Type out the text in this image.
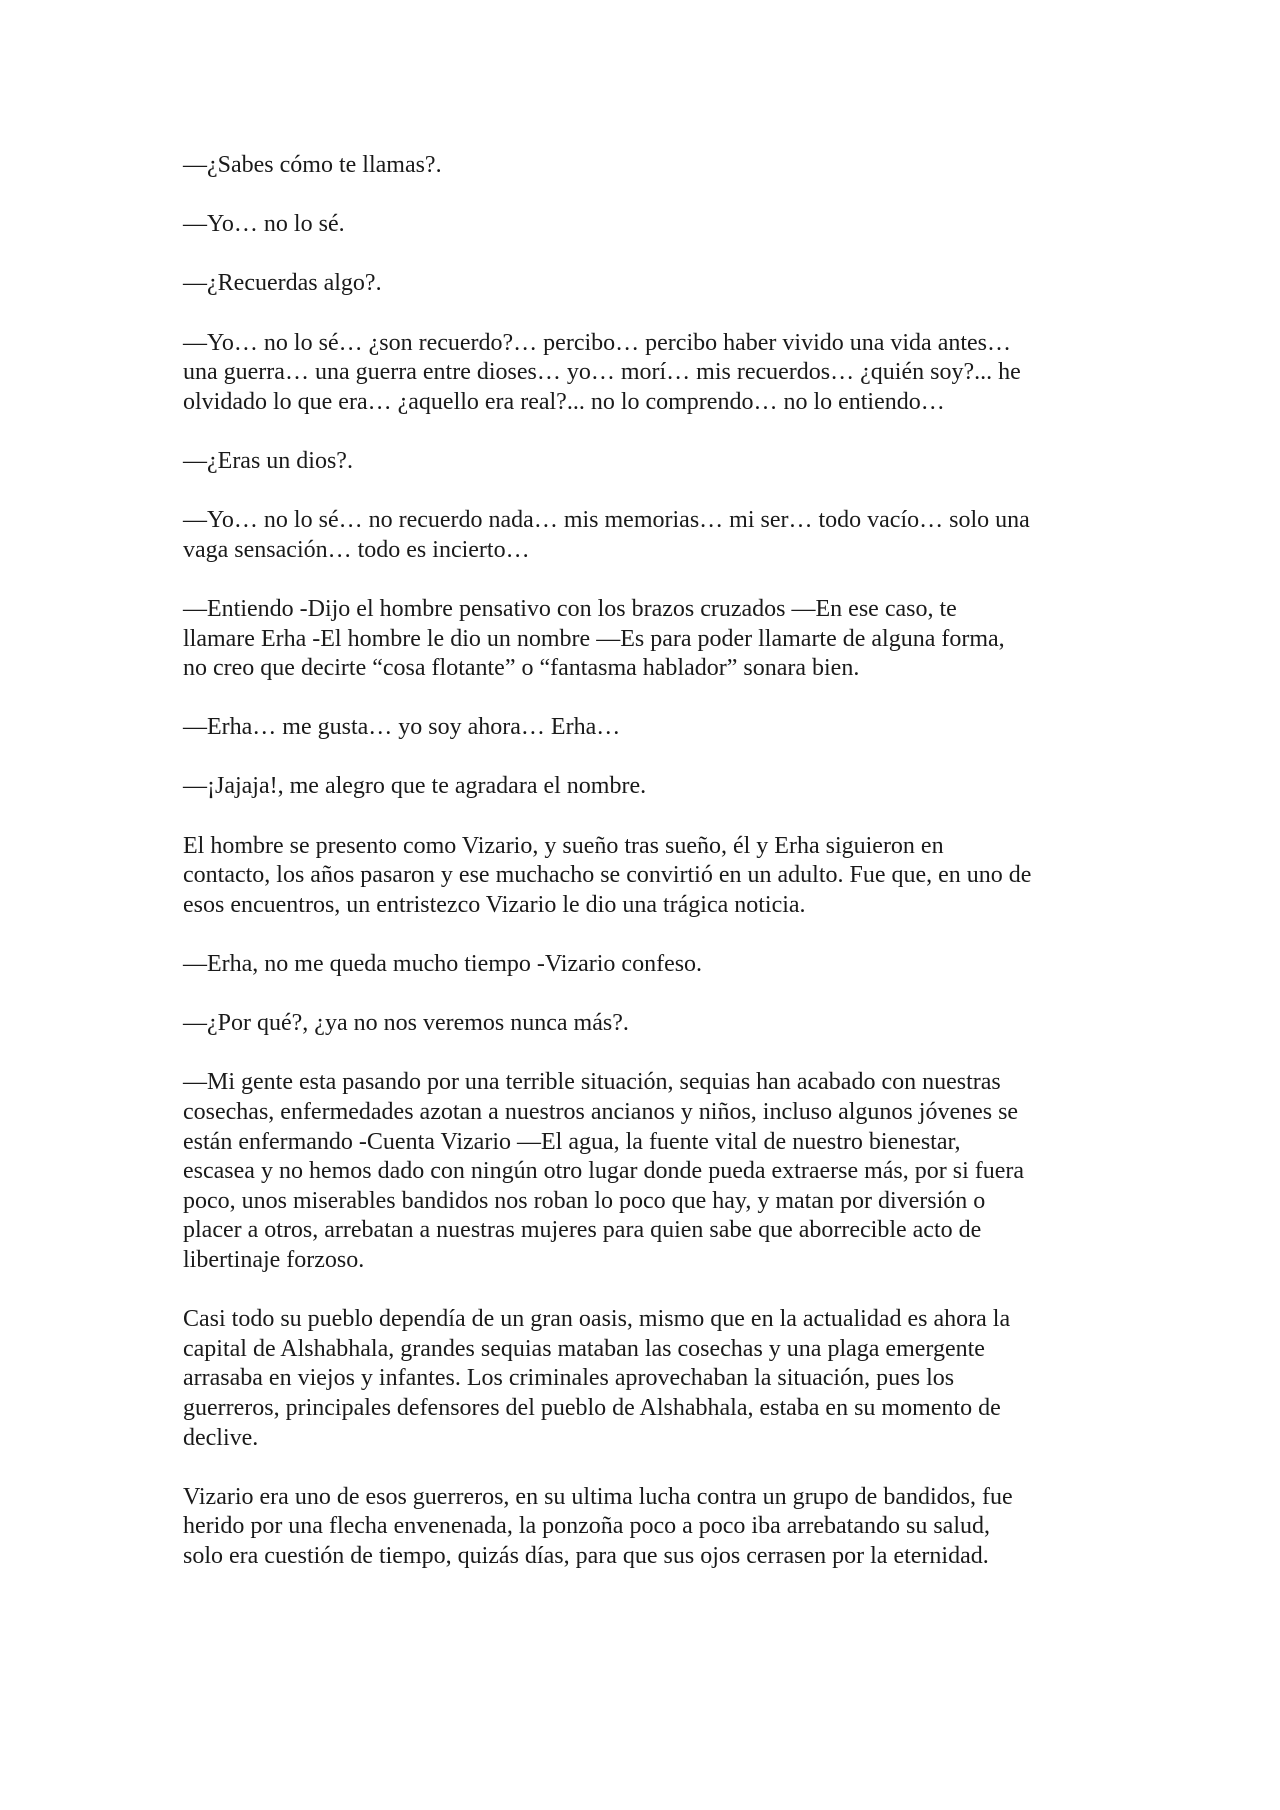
—¿Sabes cómo te llamas?.

—Yo… no lo sé.

—¿Recuerdas algo?.

—Yo… no lo sé… ¿son recuerdo?… percibo… percibo haber vivido una vida antes…
una guerra… una guerra entre dioses… yo… morí… mis recuerdos… ¿quién soy?... he
olvidado lo que era… ¿aquello era real?... no lo comprendo… no lo entiendo…

—¿Eras un dios?.

—Yo… no lo sé… no recuerdo nada… mis memorias… mi ser… todo vacío… solo una
vaga sensación… todo es incierto…

—Entiendo -Dijo el hombre pensativo con los brazos cruzados —En ese caso, te
llamare Erha -El hombre le dio un nombre —Es para poder llamarte de alguna forma,
no creo que decirte “cosa flotante” o “fantasma hablador” sonara bien.

—Erha… me gusta… yo soy ahora… Erha…

—¡Jajaja!, me alegro que te agradara el nombre.

El hombre se presento como Vizario, y sueño tras sueño, él y Erha siguieron en
contacto, los años pasaron y ese muchacho se convirtió en un adulto. Fue que, en uno de
esos encuentros, un entristezco Vizario le dio una trágica noticia.

—Erha, no me queda mucho tiempo -Vizario confeso.

—¿Por qué?, ¿ya no nos veremos nunca más?.

—Mi gente esta pasando por una terrible situación, sequias han acabado con nuestras
cosechas, enfermedades azotan a nuestros ancianos y niños, incluso algunos jóvenes se
están enfermando -Cuenta Vizario —El agua, la fuente vital de nuestro bienestar,
escasea y no hemos dado con ningún otro lugar donde pueda extraerse más, por si fuera
poco, unos miserables bandidos nos roban lo poco que hay, y matan por diversión o
placer a otros, arrebatan a nuestras mujeres para quien sabe que aborrecible acto de
libertinaje forzoso.

Casi todo su pueblo dependía de un gran oasis, mismo que en la actualidad es ahora la
capital de Alshabhala, grandes sequias mataban las cosechas y una plaga emergente
arrasaba en viejos y infantes. Los criminales aprovechaban la situación, pues los
guerreros, principales defensores del pueblo de Alshabhala, estaba en su momento de
declive.

Vizario era uno de esos guerreros, en su ultima lucha contra un grupo de bandidos, fue
herido por una flecha envenenada, la ponzoña poco a poco iba arrebatando su salud,
solo era cuestión de tiempo, quizás días, para que sus ojos cerrasen por la eternidad.
